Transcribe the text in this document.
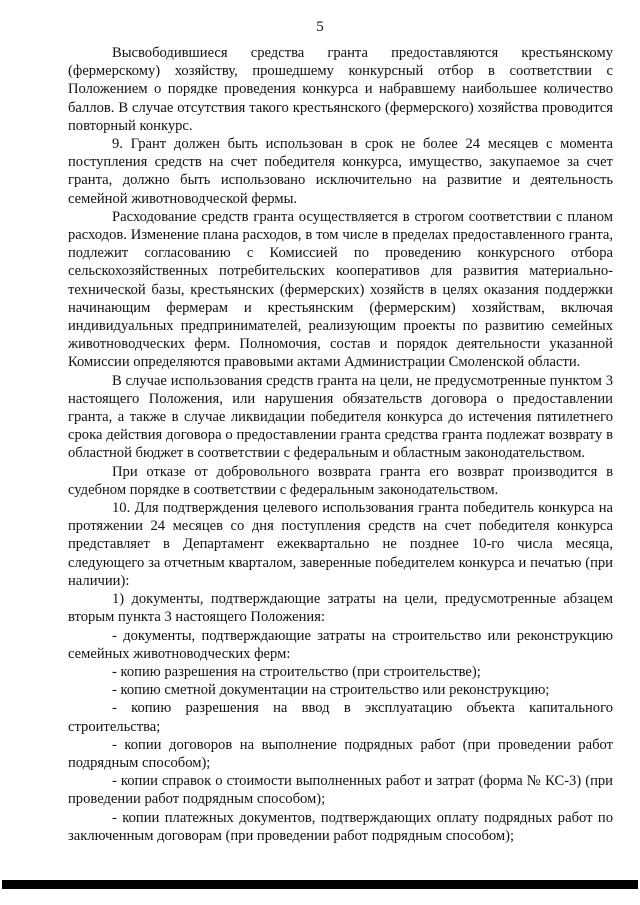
5

Высвободившиеся средства гранта предоставляются крестьянскому (фермерскому) хозяйству, прошедшему конкурсный отбор в соответствии с Положением о порядке проведения конкурса и набравшему наибольшее количество баллов. В случае отсутствия такого крестьянского (фермерского) хозяйства проводится повторный конкурс.

9. Грант должен быть использован в срок не более 24 месяцев с момента поступления средств на счет победителя конкурса, имущество, закупаемое за счет гранта, должно быть использовано исключительно на развитие и деятельность семейной животноводческой фермы.

Расходование средств гранта осуществляется в строгом соответствии с планом расходов. Изменение плана расходов, в том числе в пределах предоставленного гранта, подлежит согласованию с Комиссией по проведению конкурсного отбора сельскохозяйственных потребительских кооперативов для развития материально-технической базы, крестьянских (фермерских) хозяйств в целях оказания поддержки начинающим фермерам и крестьянским (фермерским) хозяйствам, включая индивидуальных предпринимателей, реализующим проекты по развитию семейных животноводческих ферм. Полномочия, состав и порядок деятельности указанной Комиссии определяются правовыми актами Администрации Смоленской области.

В случае использования средств гранта на цели, не предусмотренные пунктом 3 настоящего Положения, или нарушения обязательств договора о предоставлении гранта, а также в случае ликвидации победителя конкурса до истечения пятилетнего срока действия договора о предоставлении гранта средства гранта подлежат возврату в областной бюджет в соответствии с федеральным и областным законодательством.

При отказе от добровольного возврата гранта его возврат производится в судебном порядке в соответствии с федеральным законодательством.

10. Для подтверждения целевого использования гранта победитель конкурса на протяжении 24 месяцев со дня поступления средств на счет победителя конкурса представляет в Департамент ежеквартально не позднее 10-го числа месяца, следующего за отчетным кварталом, заверенные победителем конкурса и печатью (при наличии):

1) документы, подтверждающие затраты на цели, предусмотренные абзацем вторым пункта 3 настоящего Положения:

- документы, подтверждающие затраты на строительство или реконструкцию семейных животноводческих ферм:

- копию разрешения на строительство (при строительстве);

- копию сметной документации на строительство или реконструкцию;

- копию разрешения на ввод в эксплуатацию объекта капитального строительства;

- копии договоров на выполнение подрядных работ (при проведении работ подрядным способом);

- копии справок о стоимости выполненных работ и затрат (форма № КС-3) (при проведении работ подрядным способом);

- копии платежных документов, подтверждающих оплату подрядных работ по заключенным договорам (при проведении работ подрядным способом);
